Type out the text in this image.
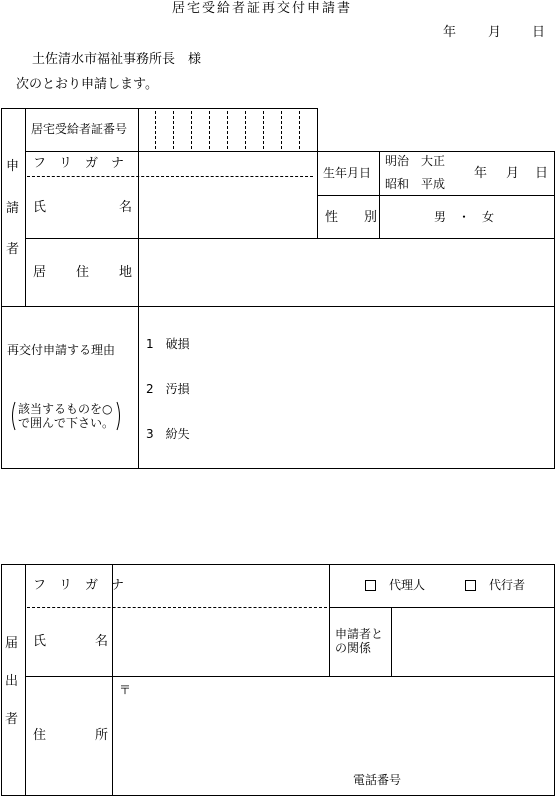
居宅受給者証再交付申請書
年 月 日
土佐清水市福祉事務所長　様
次のとおり申請します。
申
請
者
居宅受給者証番号
フ　リ　ガ　ナ
氏	名
生年月日
明治　大正
昭和　平成
年 月 日
性　　別	男　・　女
居 住 地
再交付申請する理由
該当するものを○
で囲んで下さい。
1　破損
2　汚損
3　紛失
届
出
者
フ　リ　ガ　ナ	代理人	代行者
氏	名	申請者と
の関係
〒
住	所
電話番号
